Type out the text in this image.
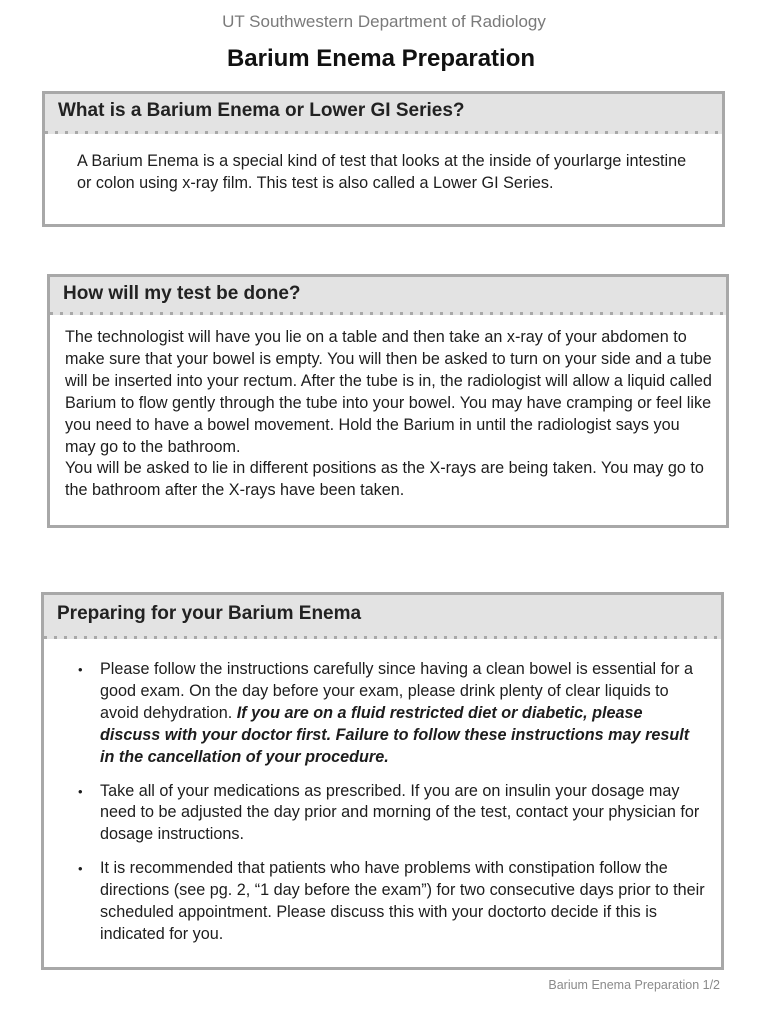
UT Southwestern Department of Radiology
Barium Enema Preparation
What is a Barium Enema or Lower GI Series?
A Barium Enema is a special kind of test that looks at the inside of yourlarge intestine or colon using x-ray film. This test is also called a Lower GI Series.
How will my test be done?
The technologist will have you lie on a table and then take an x-ray of your abdomen to make sure that your bowel is empty. You will then be asked to turn on your side and a tube will be inserted into your rectum. After the tube is in, the radiologist will allow a liquid called Barium to flow gently through the tube into your bowel. You may have cramping or feel like you need to have a bowel movement. Hold the Barium in until the radiologist says you may go to the bathroom.
You will be asked to lie in different positions as the X-rays are being taken. You may go to the bathroom after the X-rays have been taken.
Preparing for your Barium Enema
• Please follow the instructions carefully since having a clean bowel is essential for a good exam. On the day before your exam, please drink plenty of clear liquids to avoid dehydration. If you are on a fluid restricted diet or diabetic, please discuss with your doctor first. Failure to follow these instructions may result in the cancellation of your procedure.
• Take all of your medications as prescribed. If you are on insulin your dosage may need to be adjusted the day prior and morning of the test, contact your physician for dosage instructions.
• It is recommended that patients who have problems with constipation follow the directions (see pg. 2, “1 day before the exam”) for two consecutive days prior to their scheduled appointment. Please discuss this with your doctorto decide if this is indicated for you.
Barium Enema Preparation 1/2
